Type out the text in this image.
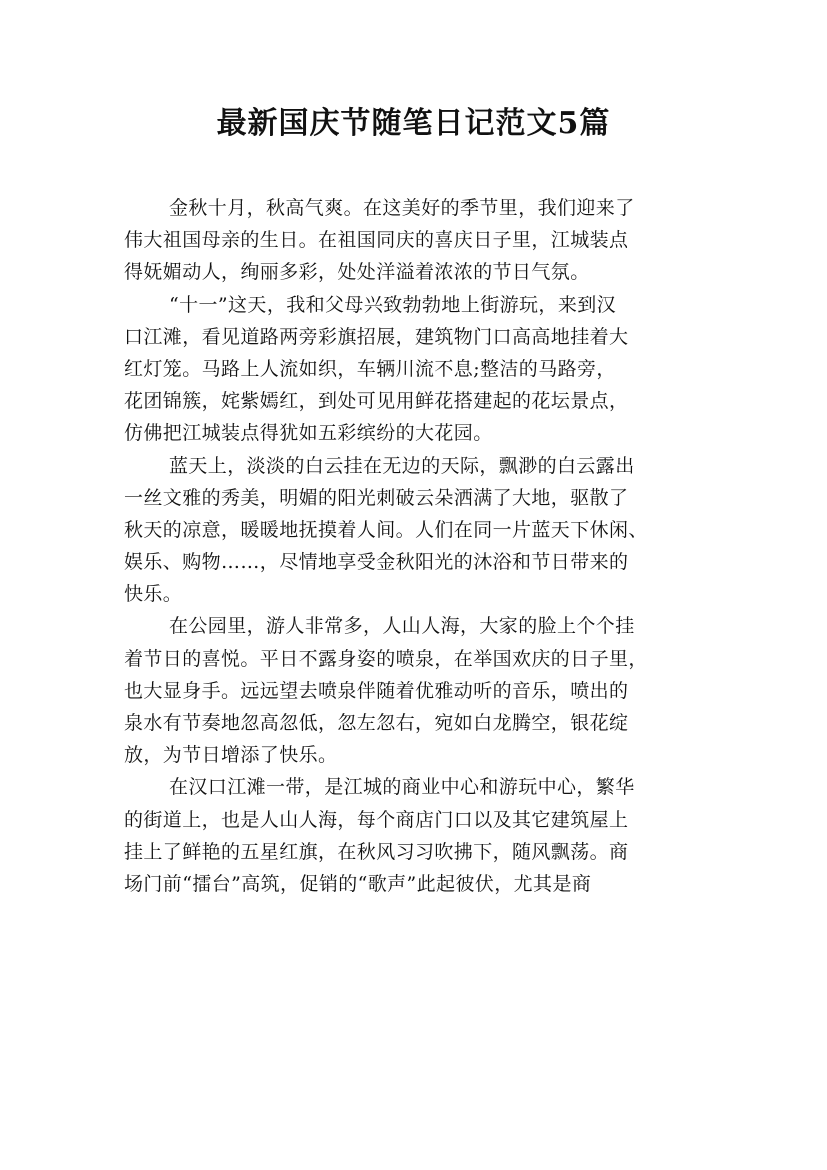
最新国庆节随笔日记范文5篇
金秋十月，秋高气爽。在这美好的季节里，我们迎来了
伟大祖国母亲的生日。在祖国同庆的喜庆日子里，江城装点
得妩媚动人，绚丽多彩，处处洋溢着浓浓的节日气氛。
“十一”这天，我和父母兴致勃勃地上街游玩，来到汉
口江滩，看见道路两旁彩旗招展，建筑物门口高高地挂着大
红灯笼。马路上人流如织，车辆川流不息;整洁的马路旁，
花团锦簇，姹紫嫣红，到处可见用鲜花搭建起的花坛景点，
仿佛把江城装点得犹如五彩缤纷的大花园。
蓝天上，淡淡的白云挂在无边的天际，飘渺的白云露出
一丝文雅的秀美，明媚的阳光刺破云朵洒满了大地，驱散了
秋天的凉意，暖暖地抚摸着人间。人们在同一片蓝天下休闲、
娱乐、购物……，尽情地享受金秋阳光的沐浴和节日带来的
快乐。
在公园里，游人非常多，人山人海，大家的脸上个个挂
着节日的喜悦。平日不露身姿的喷泉，在举国欢庆的日子里，
也大显身手。远远望去喷泉伴随着优雅动听的音乐，喷出的
泉水有节奏地忽高忽低，忽左忽右，宛如白龙腾空，银花绽
放，为节日增添了快乐。
在汉口江滩一带，是江城的商业中心和游玩中心，繁华
的街道上，也是人山人海，每个商店门口以及其它建筑屋上
挂上了鲜艳的五星红旗，在秋风习习吹拂下，随风飘荡。商
场门前“擂台”高筑，促销的“歌声”此起彼伏，尤其是商
